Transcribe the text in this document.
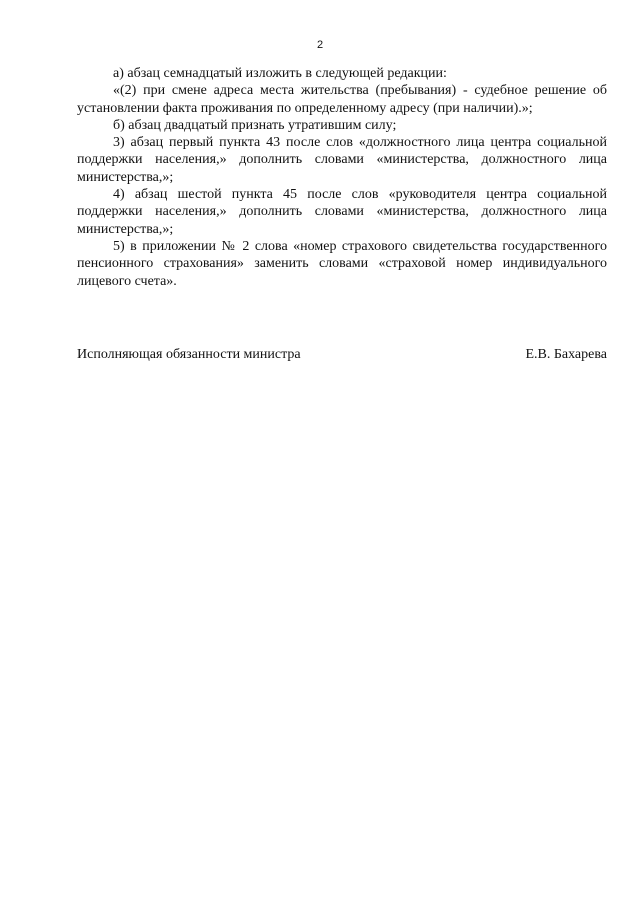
2

а) абзац семнадцатый изложить в следующей редакции:

«(2) при смене адреса места жительства (пребывания) - судебное решение об установлении факта проживания по определенному адресу (при наличии).»;

б) абзац двадцатый признать утратившим силу;

3) абзац первый пункта 43 после слов «должностного лица центра социальной поддержки населения,» дополнить словами «министерства, должностного лица министерства,»;

4) абзац шестой пункта 45 после слов «руководителя центра социальной поддержки населения,» дополнить словами «министерства, должностного лица министерства,»;

5) в приложении № 2 слова «номер страхового свидетельства государственного пенсионного страхования» заменить словами «страховой номер индивидуального лицевого счета».

Исполняющая обязанности министра	Е.В. Бахарева
